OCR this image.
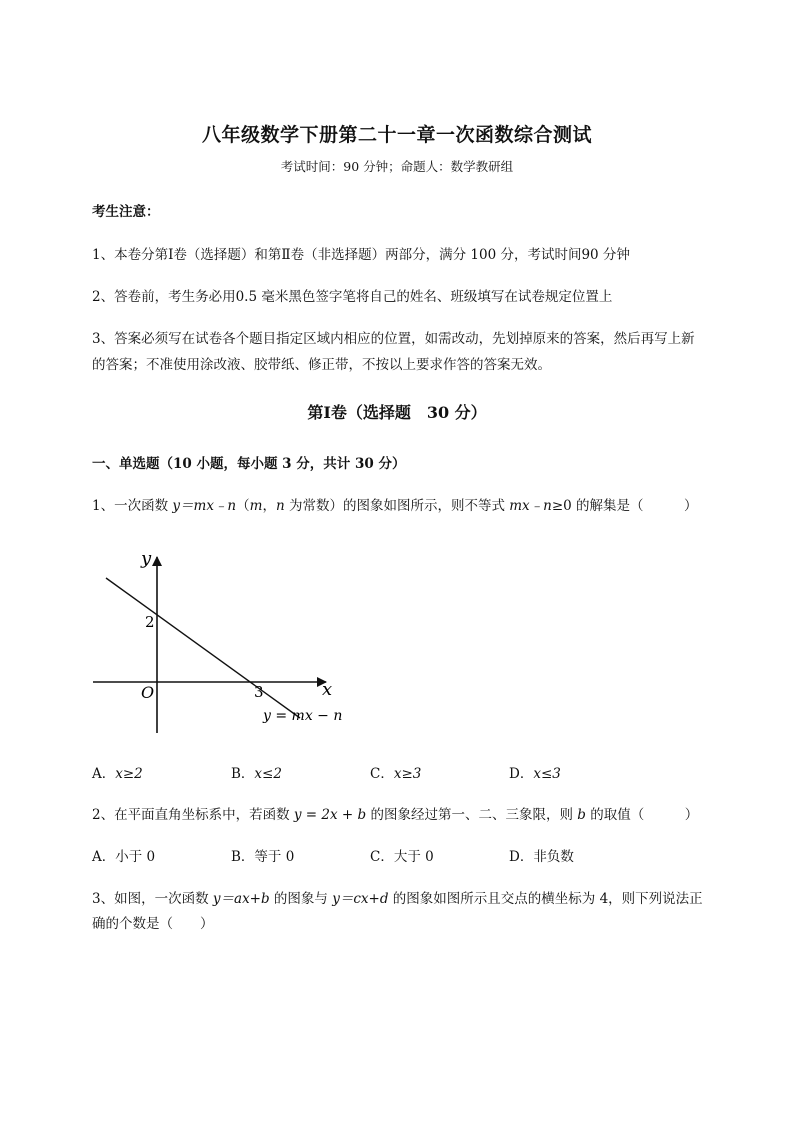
八年级数学下册第二十一章一次函数综合测试
考试时间：90 分钟；命题人：数学教研组
考生注意：
1、本卷分第Ⅰ卷（选择题）和第Ⅱ卷（非选择题）两部分，满分 100 分，考试时间90 分钟
2、答卷前，考生务必用0.5 毫米黑色签字笔将自己的姓名、班级填写在试卷规定位置上
3、答案必须写在试卷各个题目指定区域内相应的位置，如需改动，先划掉原来的答案，然后再写上新
的答案；不准使用涂改液、胶带纸、修正带，不按以上要求作答的答案无效。
第Ⅰ卷（选择题　30 分）
一、单选题（10 小题，每小题 3 分，共计 30 分）
1、一次函数 y＝mx﹣n（m，n 为常数）的图象如图所示，则不等式 mx﹣n≥0 的解集是（　　　）
y
x
O
2
3
y = mx − n
A．x≥2	B．x≤2	C．x≥3	D．x≤3
2、在平面直角坐标系中，若函数 y = 2x + b 的图象经过第一、二、三象限，则 b 的取值（　　　）
A．小于 0	B．等于 0	C．大于 0	D．非负数
3、如图，一次函数 y＝ax+b 的图象与 y＝cx+d 的图象如图所示且交点的横坐标为 4，则下列说法正
确的个数是（　　）
